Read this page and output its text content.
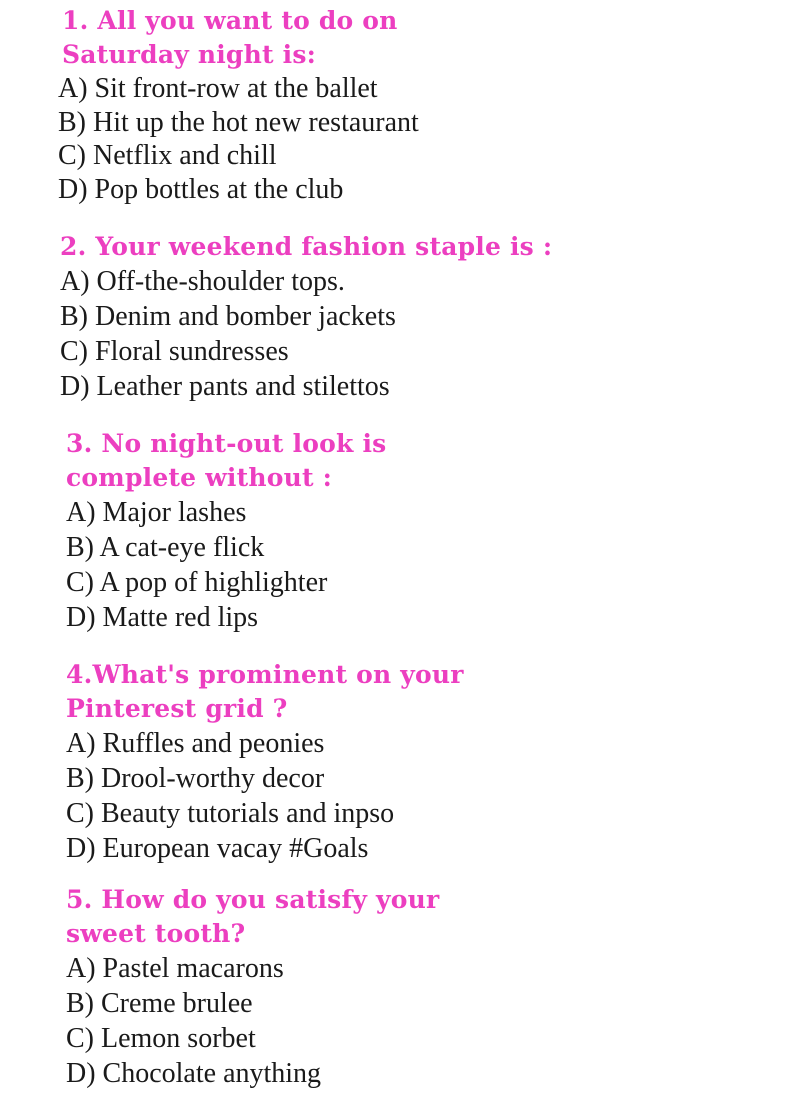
1. All you want to do on
Saturday night is:
A) Sit front-row at the ballet
B) Hit up the hot new restaurant
C) Netflix and chill
D) Pop bottles at the club
2. Your weekend fashion staple is :
A) Off-the-shoulder tops.
B) Denim and bomber jackets
C) Floral sundresses
D) Leather pants and stilettos
3. No night-out look is
complete without :
A) Major lashes
B) A cat-eye flick
C) A pop of highlighter
D) Matte red lips
4.What's prominent on your
Pinterest grid ?
A) Ruffles and peonies
B) Drool-worthy decor
C) Beauty tutorials and inpso
D) European vacay #Goals
5. How do you satisfy your
sweet tooth?
A) Pastel macarons
B) Creme brulee
C) Lemon sorbet
D) Chocolate anything
